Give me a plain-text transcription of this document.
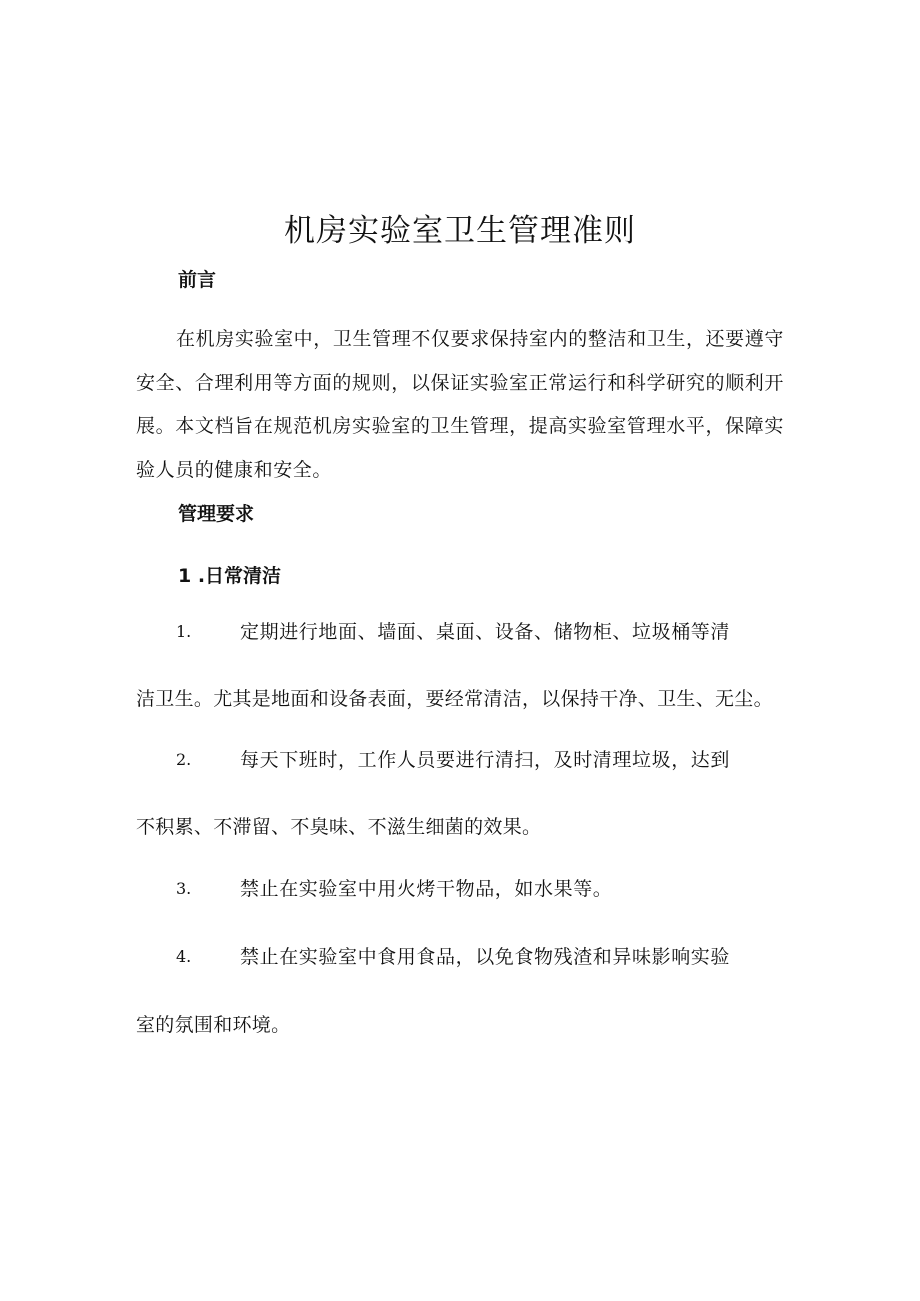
机房实验室卫生管理准则
前言

在机房实验室中，卫生管理不仅要求保持室内的整洁和卫生，还要遵守安全、合理利用等方面的规则，以保证实验室正常运行和科学研究的顺利开展。本文档旨在规范机房实验室的卫生管理，提高实验室管理水平，保障实验人员的健康和安全。

管理要求
1 .日常清洁
1.	定期进行地面、墙面、桌面、设备、储物柜、垃圾桶等清
洁卫生。尤其是地面和设备表面，要经常清洁，以保持干净、卫生、无尘。
2.	每天下班时，工作人员要进行清扫，及时清理垃圾，达到
不积累、不滞留、不臭味、不滋生细菌的效果。
3.	禁止在实验室中用火烤干物品，如水果等。
4.	禁止在实验室中食用食品，以免食物残渣和异味影响实验
室的氛围和环境。
